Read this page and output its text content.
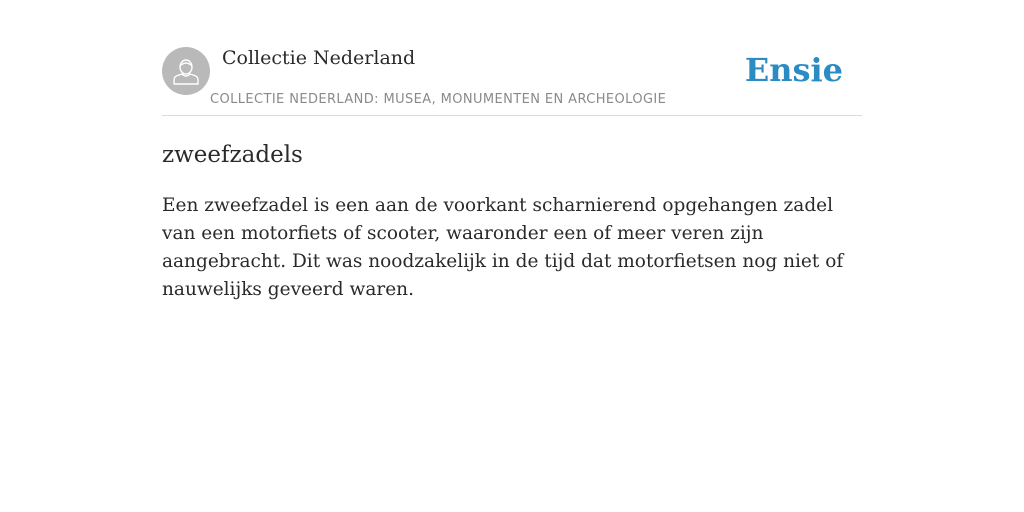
Collectie Nederland
COLLECTIE NEDERLAND: MUSEA, MONUMENTEN EN ARCHEOLOGIE
Ensie
zweefzadels

Een zweefzadel is een aan de voorkant scharnierend opgehangen zadel van een motorfiets of scooter, waaronder een of meer veren zijn aangebracht. Dit was noodzakelijk in de tijd dat motorfietsen nog niet of nauwelijks geveerd waren.
